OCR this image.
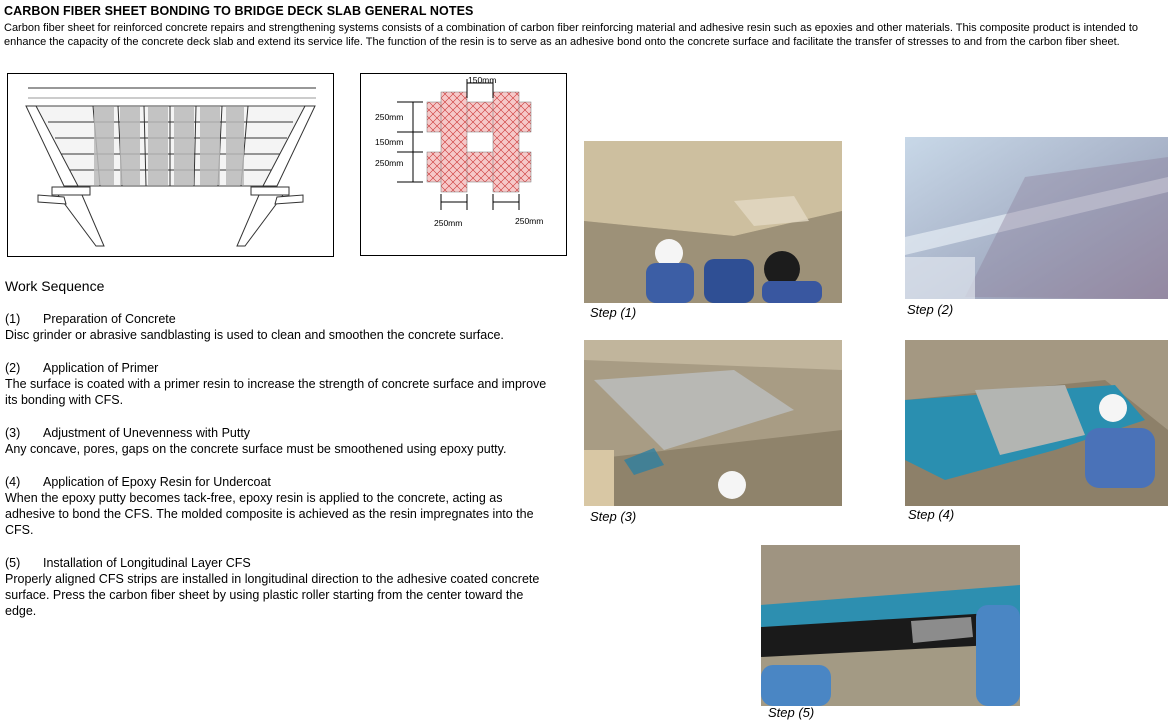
CARBON FIBER SHEET BONDING TO BRIDGE DECK SLAB GENERAL NOTES
Carbon fiber sheet for reinforced concrete repairs and strengthening systems consists of a combination of carbon fiber reinforcing material and adhesive resin such as epoxies and other materials. This composite product is intended to enhance the capacity of the concrete deck slab and extend its service life. The function of the resin is to serve as an adhesive bond onto the concrete surface and facilitate the transfer of stresses to and from the carbon fiber sheet.
150mm
250mm
150mm
250mm
250mm	250mm
Work Sequence
(1) Preparation of Concrete
Disc grinder or abrasive sandblasting is used to clean and smoothen the concrete surface.
(2) Application of Primer
The surface is coated with a primer resin to increase the strength of concrete surface and improve its bonding with CFS.
(3) Adjustment of Unevenness with Putty
Any concave, pores, gaps on the concrete surface must be smoothened using epoxy putty.
(4) Application of Epoxy Resin for Undercoat
When the epoxy putty becomes tack-free, epoxy resin is applied to the concrete, acting as adhesive to bond the CFS. The molded composite is achieved as the resin impregnates into the CFS.
(5) Installation of Longitudinal Layer CFS
Properly aligned CFS strips are installed in longitudinal direction to the adhesive coated concrete surface. Press the carbon fiber sheet by using plastic roller starting from the center toward the edge.
Step (1)	Step (2)
Step (3)	Step (4)
Step (5)
